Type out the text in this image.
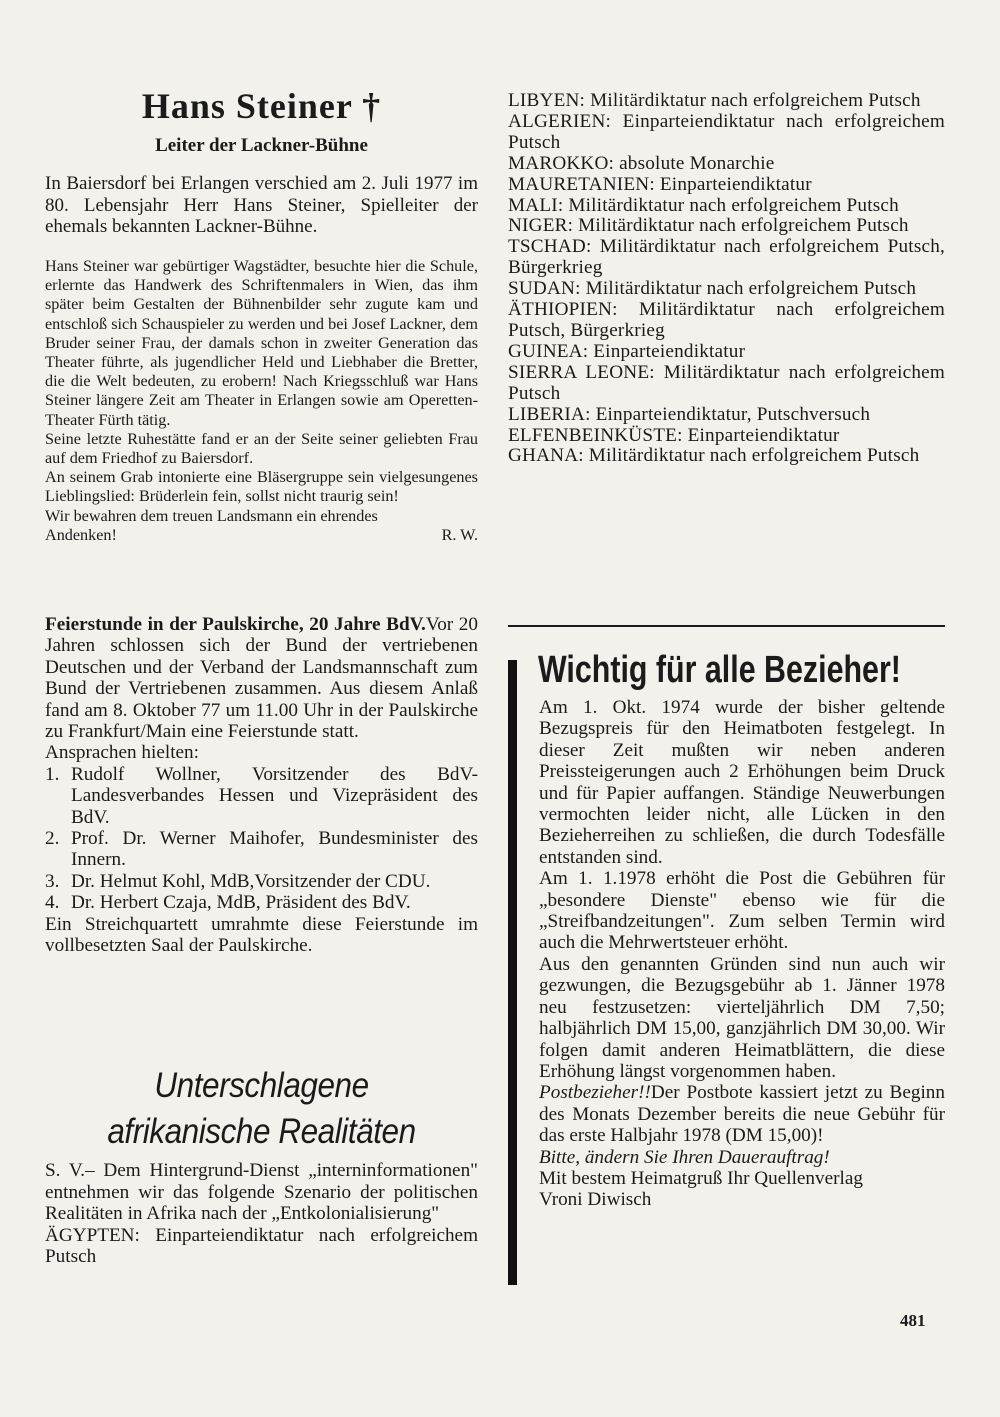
Hans Steiner †
Leiter der Lackner-Bühne

In Baiersdorf bei Erlangen verschied am 2. Juli 1977 im 80. Lebensjahr Herr Hans Steiner, Spielleiter der ehemals bekannten Lackner-Bühne.

Hans Steiner war gebürtiger Wagstädter, besuchte hier die Schule, erlernte das Handwerk des Schriftenmalers in Wien, das ihm später beim Gestalten der Bühnenbilder sehr zugute kam und entschloß sich Schauspieler zu werden und bei Josef Lackner, dem Bruder seiner Frau, der damals schon in zweiter Generation das Theater führte, als jugendlicher Held und Liebhaber die Bretter, die die Welt bedeuten, zu erobern! Nach Kriegsschluß war Hans Steiner längere Zeit am Theater in Erlangen sowie am Operetten-Theater Fürth tätig.

Seine letzte Ruhestätte fand er an der Seite seiner geliebten Frau auf dem Friedhof zu Baiersdorf.

An seinem Grab intonierte eine Bläsergruppe sein vielgesungenes Lieblingslied: Brüderlein fein, sollst nicht traurig sein!

Wir bewahren dem treuen Landsmann ein ehrendes

Andenken!	R. W.

Feierstunde in der Paulskirche, 20 Jahre BdV.Vor 20 Jahren schlossen sich der Bund der vertriebenen Deutschen und der Verband der Landsmannschaft zum Bund der Vertriebenen zusammen. Aus diesem Anlaß fand am 8. Oktober 77 um 11.00 Uhr in der Paulskirche zu Frankfurt/Main eine Feierstunde statt.

Ansprachen hielten:

1. Rudolf Wollner, Vorsitzender des BdV-Landesverbandes Hessen und Vizepräsident des BdV.
2. Prof. Dr. Werner Maihofer, Bundesminister des Innern.
3. Dr. Helmut Kohl, MdB,Vorsitzender der CDU.
4. Dr. Herbert Czaja, MdB, Präsident des BdV.

Ein Streichquartett umrahmte diese Feierstunde im vollbesetzten Saal der Paulskirche.

Unterschlagene
afrikanische Realitäten

S. V.– Dem Hintergrund-Dienst „interninformationen" entnehmen wir das folgende Szenario der politischen Realitäten in Afrika nach der „Entkolonialisierung"

ÄGYPTEN: Einparteiendiktatur nach erfolgreichem Putsch

LIBYEN: Militärdiktatur nach erfolgreichem Putsch

ALGERIEN: Einparteiendiktatur nach erfolgreichem Putsch

MAROKKO: absolute Monarchie

MAURETANIEN: Einparteiendiktatur

MALI: Militärdiktatur nach erfolgreichem Putsch

NIGER: Militärdiktatur nach erfolgreichem Putsch

TSCHAD: Militärdiktatur nach erfolgreichem Putsch, Bürgerkrieg

SUDAN: Militärdiktatur nach erfolgreichem Putsch

ÄTHIOPIEN: Militärdiktatur nach erfolgreichem Putsch, Bürgerkrieg

GUINEA: Einparteiendiktatur

SIERRA LEONE: Militärdiktatur nach erfolgreichem Putsch

LIBERIA: Einparteiendiktatur, Putschversuch

ELFENBEINKÜSTE: Einparteiendiktatur

GHANA: Militärdiktatur nach erfolgreichem Putsch

Wichtig für alle Bezieher!

Am 1. Okt. 1974 wurde der bisher geltende Bezugspreis für den Heimatboten festgelegt. In dieser Zeit mußten wir neben anderen Preissteigerungen auch 2 Erhöhungen beim Druck und für Papier auffangen. Ständige Neuwerbungen vermochten leider nicht, alle Lücken in den Bezieherreihen zu schließen, die durch Todesfälle entstanden sind.

Am 1. 1.1978 erhöht die Post die Gebühren für „besondere Dienste" ebenso wie für die „Streifbandzeitungen". Zum selben Termin wird auch die Mehrwertsteuer erhöht.

Aus den genannten Gründen sind nun auch wir gezwungen, die Bezugsgebühr ab 1. Jänner 1978 neu festzusetzen: vierteljährlich DM 7,50; halbjährlich DM 15,00, ganzjährlich DM 30,00. Wir folgen damit anderen Heimatblättern, die diese Erhöhung längst vorgenommen haben.

Postbezieher!!Der Postbote kassiert jetzt zu Beginn des Monats Dezember bereits die neue Gebühr für das erste Halbjahr 1978 (DM 15,00)!

Bitte, ändern Sie Ihren Dauerauftrag!

Mit bestem Heimatgruß Ihr Quellenverlag

Vroni Diwisch

481
